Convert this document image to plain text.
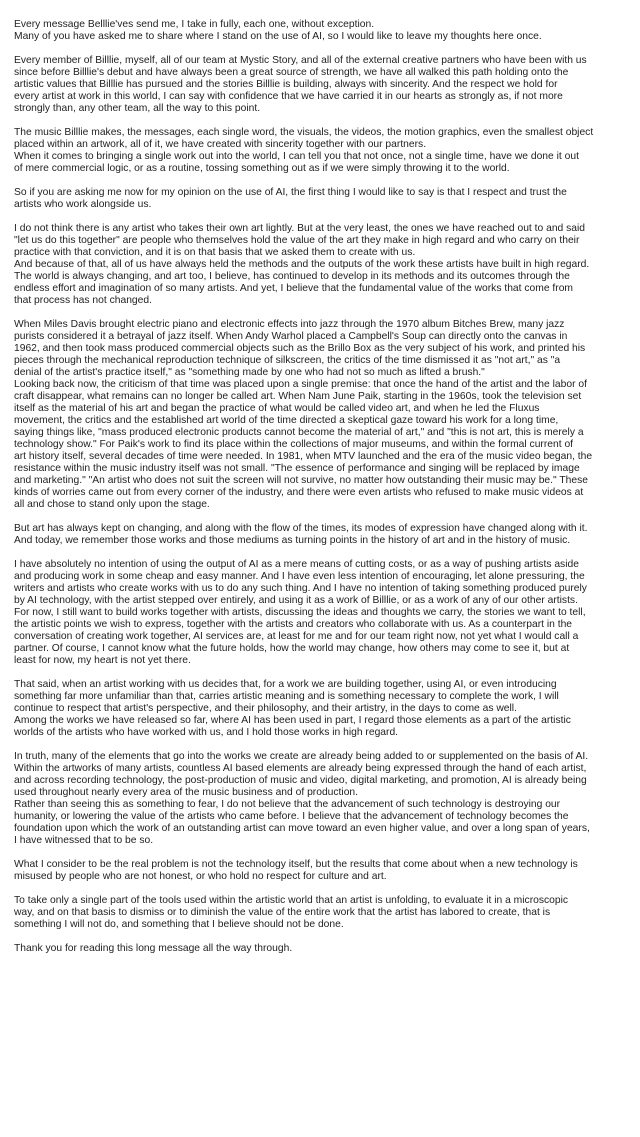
Every message Belllie'ves send me, I take in fully, each one, without exception.
Many of you have asked me to share where I stand on the use of AI, so I would like to leave my thoughts here once.

Every member of Billlie, myself, all of our team at Mystic Story, and all of the external creative partners who have been with us
since before Billlie's debut and have always been a great source of strength, we have all walked this path holding onto the
artistic values that Billlie has pursued and the stories Billlie is building, always with sincerity. And the respect we hold for
every artist at work in this world, I can say with confidence that we have carried it in our hearts as strongly as, if not more
strongly than, any other team, all the way to this point.

The music Billlie makes, the messages, each single word, the visuals, the videos, the motion graphics, even the smallest object
placed within an artwork, all of it, we have created with sincerity together with our partners.
When it comes to bringing a single work out into the world, I can tell you that not once, not a single time, have we done it out
of mere commercial logic, or as a routine, tossing something out as if we were simply throwing it to the world.

So if you are asking me now for my opinion on the use of AI, the first thing I would like to say is that I respect and trust the
artists who work alongside us.

I do not think there is any artist who takes their own art lightly. But at the very least, the ones we have reached out to and said
"let us do this together" are people who themselves hold the value of the art they make in high regard and who carry on their
practice with that conviction, and it is on that basis that we asked them to create with us.
And because of that, all of us have always held the methods and the outputs of the work these artists have built in high regard.
The world is always changing, and art too, I believe, has continued to develop in its methods and its outcomes through the
endless effort and imagination of so many artists. And yet, I believe that the fundamental value of the works that come from
that process has not changed.

When Miles Davis brought electric piano and electronic effects into jazz through the 1970 album Bitches Brew, many jazz
purists considered it a betrayal of jazz itself. When Andy Warhol placed a Campbell's Soup can directly onto the canvas in
1962, and then took mass produced commercial objects such as the Brillo Box as the very subject of his work, and printed his
pieces through the mechanical reproduction technique of silkscreen, the critics of the time dismissed it as "not art," as "a
denial of the artist's practice itself," as "something made by one who had not so much as lifted a brush."
Looking back now, the criticism of that time was placed upon a single premise: that once the hand of the artist and the labor of
craft disappear, what remains can no longer be called art. When Nam June Paik, starting in the 1960s, took the television set
itself as the material of his art and began the practice of what would be called video art, and when he led the Fluxus
movement, the critics and the established art world of the time directed a skeptical gaze toward his work for a long time,
saying things like, "mass produced electronic products cannot become the material of art," and "this is not art, this is merely a
technology show." For Paik's work to find its place within the collections of major museums, and within the formal current of
art history itself, several decades of time were needed. In 1981, when MTV launched and the era of the music video began, the
resistance within the music industry itself was not small. "The essence of performance and singing will be replaced by image
and marketing." "An artist who does not suit the screen will not survive, no matter how outstanding their music may be." These
kinds of worries came out from every corner of the industry, and there were even artists who refused to make music videos at
all and chose to stand only upon the stage.

But art has always kept on changing, and along with the flow of the times, its modes of expression have changed along with it.
And today, we remember those works and those mediums as turning points in the history of art and in the history of music.

I have absolutely no intention of using the output of AI as a mere means of cutting costs, or as a way of pushing artists aside
and producing work in some cheap and easy manner. And I have even less intention of encouraging, let alone pressuring, the
writers and artists who create works with us to do any such thing. And I have no intention of taking something produced purely
by AI technology, with the artist stepped over entirely, and using it as a work of Billlie, or as a work of any of our other artists.
For now, I still want to build works together with artists, discussing the ideas and thoughts we carry, the stories we want to tell,
the artistic points we wish to express, together with the artists and creators who collaborate with us. As a counterpart in the
conversation of creating work together, AI services are, at least for me and for our team right now, not yet what I would call a
partner. Of course, I cannot know what the future holds, how the world may change, how others may come to see it, but at
least for now, my heart is not yet there.

That said, when an artist working with us decides that, for a work we are building together, using AI, or even introducing
something far more unfamiliar than that, carries artistic meaning and is something necessary to complete the work, I will
continue to respect that artist's perspective, and their philosophy, and their artistry, in the days to come as well.
Among the works we have released so far, where AI has been used in part, I regard those elements as a part of the artistic
worlds of the artists who have worked with us, and I hold those works in high regard.

In truth, many of the elements that go into the works we create are already being added to or supplemented on the basis of AI.
Within the artworks of many artists, countless AI based elements are already being expressed through the hand of each artist,
and across recording technology, the post-production of music and video, digital marketing, and promotion, AI is already being
used throughout nearly every area of the music business and of production.
Rather than seeing this as something to fear, I do not believe that the advancement of such technology is destroying our
humanity, or lowering the value of the artists who came before. I believe that the advancement of technology becomes the
foundation upon which the work of an outstanding artist can move toward an even higher value, and over a long span of years,
I have witnessed that to be so.

What I consider to be the real problem is not the technology itself, but the results that come about when a new technology is
misused by people who are not honest, or who hold no respect for culture and art.

To take only a single part of the tools used within the artistic world that an artist is unfolding, to evaluate it in a microscopic
way, and on that basis to dismiss or to diminish the value of the entire work that the artist has labored to create, that is
something I will not do, and something that I believe should not be done.

Thank you for reading this long message all the way through.
